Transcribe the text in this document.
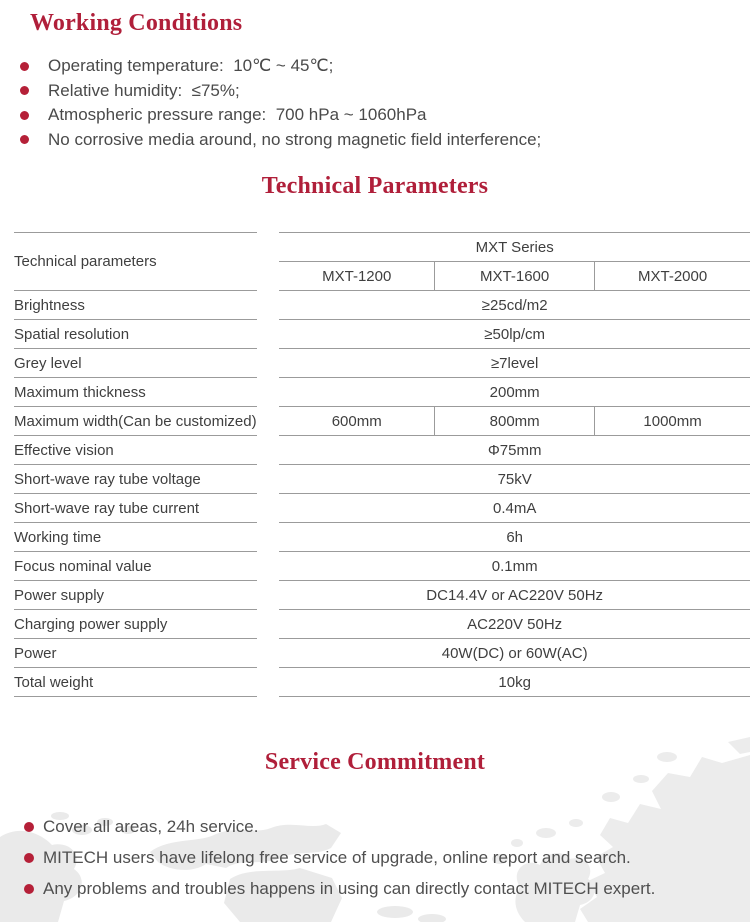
Working Conditions
Operating temperature:  10℃ ~ 45℃;
Relative humidity:  ≤75%;
Atmospheric pressure range:  700 hPa ~ 1060hPa
No corrosive media around, no strong magnetic field interference;
Technical Parameters
Technical parameters		MXT Series		
		MXT-1200	MXT-1600	MXT-2000
Brightness		≥25cd/m2		
Spatial resolution		≥50lp/cm		
Grey level		≥7level		
Maximum thickness		200mm		
Maximum width(Can be customized)		600mm	800mm	1000mm
Effective vision		Φ75mm		
Short-wave ray tube voltage		75kV		
Short-wave ray tube current		0.4mA		
Working time		6h		
Focus nominal value		0.1mm		
Power supply		DC14.4V or AC220V 50Hz		
Charging power supply		AC220V 50Hz		
Power		40W(DC) or 60W(AC)		
Total weight		10kg		
Service Commitment
Cover all areas, 24h service.
MITECH users have lifelong free service of upgrade, online report and search.
Any problems and troubles happens in using can directly contact MITECH expert.
